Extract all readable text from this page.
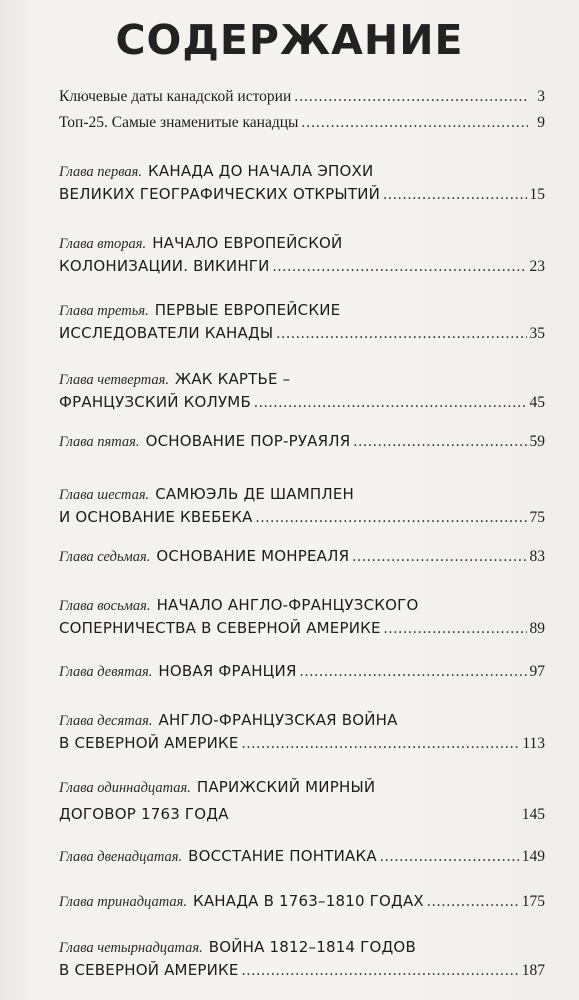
СОДЕРЖАНИЕ
Ключевые даты канадской истории .....	3
Топ-25. Самые знаменитые канадцы .....	9
Глава первая. КАНАДА ДО НАЧАЛА ЭПОХИ
ВЕЛИКИХ ГЕОГРАФИЧЕСКИХ ОТКРЫТИЙ .....	15
Глава вторая. НАЧАЛО ЕВРОПЕЙСКОЙ
КОЛОНИЗАЦИИ. ВИКИНГИ .....	23
Глава третья. ПЕРВЫЕ ЕВРОПЕЙСКИЕ
ИССЛЕДОВАТЕЛИ КАНАДЫ .....	35
Глава четвертая. ЖАК КАРТЬЕ –
ФРАНЦУЗСКИЙ КОЛУМБ .....	45
Глава пятая. ОСНОВАНИЕ ПОР-РУАЯЛЯ .....	59
Глава шестая. САМЮЭЛЬ ДЕ ШАМПЛЕН
И ОСНОВАНИЕ КВЕБЕКА .....	75
Глава седьмая. ОСНОВАНИЕ МОНРЕАЛЯ .....	83
Глава восьмая. НАЧАЛО АНГЛО-ФРАНЦУЗСКОГО
СОПЕРНИЧЕСТВА В СЕВЕРНОЙ АМЕРИКЕ .....	89
Глава девятая. НОВАЯ ФРАНЦИЯ .....	97
Глава десятая. АНГЛО-ФРАНЦУЗСКАЯ ВОЙНА
В СЕВЕРНОЙ АМЕРИКЕ .....	113
Глава одиннадцатая. ПАРИЖСКИЙ МИРНЫЙ
ДОГОВОР 1763 ГОДА	145
Глава двенадцатая. ВОССТАНИЕ ПОНТИАКА .....	149
Глава тринадцатая. КАНАДА В 1763–1810 ГОДАХ .....	175
Глава четырнадцатая. ВОЙНА 1812–1814 ГОДОВ
В СЕВЕРНОЙ АМЕРИКЕ .....	187
